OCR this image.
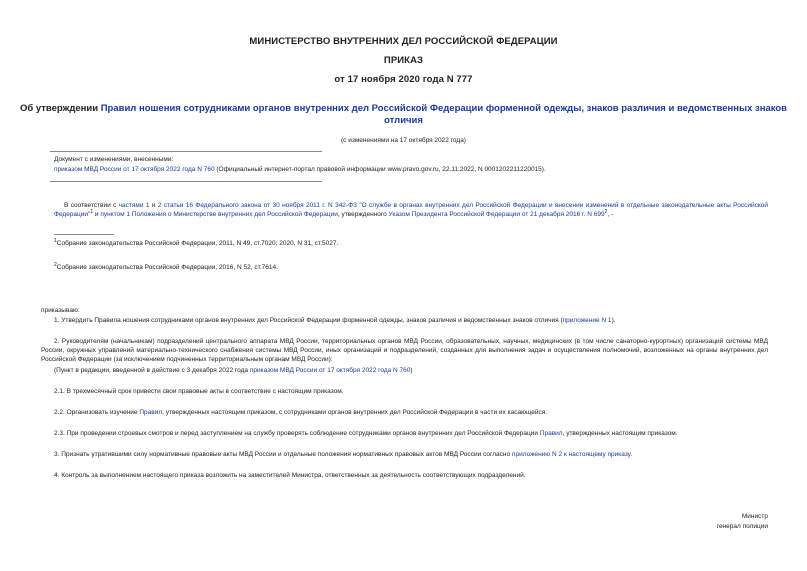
МИНИСТЕРСТВО ВНУТРЕННИХ ДЕЛ РОССИЙСКОЙ ФЕДЕРАЦИИ
ПРИКАЗ
от 17 ноября 2020 года N 777
Об утверждении Правил ношения сотрудниками органов внутренних дел Российской Федерации форменной одежды, знаков различия и ведомственных знаков
отличия
(с изменениями на 17 октября 2022 года)
Документ с изменениями, внесенными:
приказом МВД России от 17 октября 2022 года N 760 (Официальный интернет-портал правовой информации www.pravo.gov.ru, 22.11.2022, N 0001202211220015).
В соответствии с частями 1 и 2 статьи 16 Федерального закона от 30 ноября 2011 г. N 342-ФЗ "О службе в органах внутренних дел Российской Федерации и внесении изменений в отдельные законодательные акты Российской Федерации"$^1$ и пунктом 1 Положения о Министерстве внутренних дел Российской Федерации, утвержденного Указом Президента Российской Федерации от 21 декабря 2016 г. N $699^2$, -
$^1$Собрание законодательства Российской Федерации, 2011, N 49, ст.7020; 2020, N 31, ст.5027.
$^2$Собрание законодательства Российской Федерации, 2016, N 52, ст.7614.
приказываю:
1. Утвердить Правила ношения сотрудниками органов внутренних дел Российской Федерации форменной одежды, знаков различия и ведомственных знаков отличия (приложение N 1).
2. Руководителям (начальникам) подразделений центрального аппарата МВД России, территориальных органов МВД России, образовательных, научных, медицинских (в том числе санаторно-курортных) организаций системы МВД России, окружных управлений материально-технического снабжения системы МВД России, иных организаций и подразделений, созданных для выполнения задач и осуществления полномочий, возложенных на органы внутренних дел Российской Федерации (за исключением подчиненных территориальным органам МВД России):
(Пункт в редакции, введенной в действие с 3 декабря 2022 года приказом МВД России от 17 октября 2022 года N 760)
2.1. В трехмесячный срок привести свои правовые акты в соответствие с настоящим приказом.
2.2. Организовать изучение Правил, утвержденных настоящим приказом, с сотрудниками органов внутренних дел Российской Федерации в части их касающейся.
2.3. При проведении строевых смотров и перед заступлением на службу проверять соблюдение сотрудниками органов внутренних дел Российской Федерации Правил, утвержденных настоящим приказом.
3. Признать утратившими силу нормативные правовые акты МВД России и отдельные положения нормативных правовых актов МВД России согласно приложению N 2 к настоящему приказу.
4. Контроль за выполнением настоящего приказа возложить на заместителей Министра, ответственных за деятельность соответствующих подразделений.
Министр
генерал полиции
